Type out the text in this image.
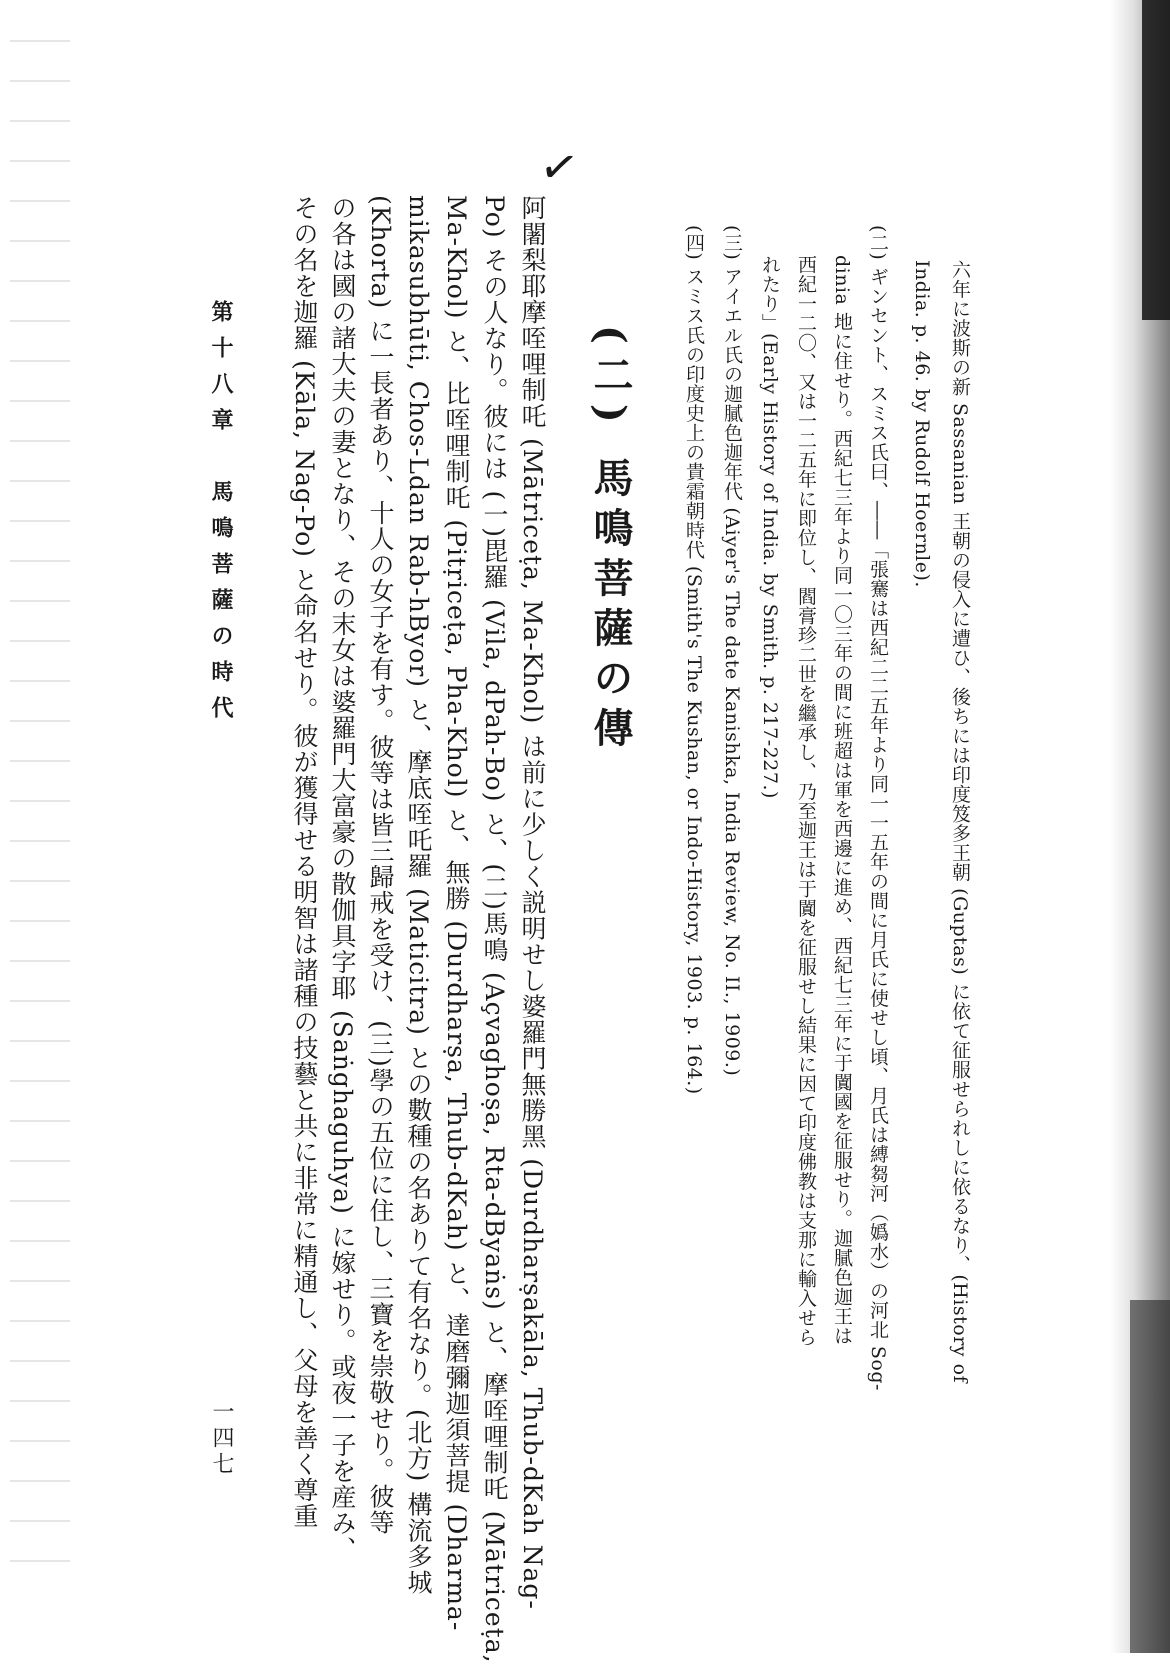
六年に波斯の新 Sassanian 王朝の侵入に遭ひ、後ちには印度笈多王朝 (Guptas) に依て征服せられしに依るなり、(History of
India. p. 46. by Rudolf Hoernle).
(二) ギンセント、スミス氏曰、――「張騫は西紀二二五年より同一一五年の間に月氏に使せし頃、月氏は縛芻河（嬀水）の河北 Sog-
dinia 地に住せり。西紀七三年より同一〇三年の間に班超は軍を西邊に進め、西紀七三年に于闐國を征服せり。迦膩色迦王は
西紀一二〇、又は一二五年に即位し、閻膏珍二世を繼承し、乃至迦王は于闐を征服せし結果に因て印度佛教は支那に輸入せら
れたり」(Early History of India. by Smith. p. 217-227.)
(三) アイエル氏の迦膩色迦年代 (Aiyer's The date Kanishka, India Review, No. II., 1909.)
(四) スミス氏の印度史上の貴霜朝時代 (Smith's The Kushan, or Indo-History, 1903. p. 164.)
(二) 馬鳴菩薩の傳
✓
阿闍梨耶摩咥哩制吒 (Mātriceṭa, Ma-Khol) は前に少しく説明せし婆羅門無勝黑 (Durdharṣakāla, Thub-dKah Nag-
Po) その人なり。彼には (一)毘羅 (Vila, dPah-Bo) と、(二)馬鳴 (Açvaghoṣa, Rta-dByaṅs) と、摩咥哩制吒 (Mātriceṭa,
Ma-Khol) と、比咥哩制吒 (Pitṛiceṭa, Pha-Khol) と、無勝 (Durdharṣa, Thub-dKah) と、達磨彌迦須菩提 (Dharma-
mikasubhūti, Chos-Ldan Rab-hByor) と、摩底咥吒羅 (Maticitra) との數種の名ありて有名なり。(北方) 構流多城
(Khorta) に一長者あり、十人の女子を有す。彼等は皆三歸戒を受け、(三)學の五位に住し、三寶を崇敬せり。彼等
の各は國の諸大夫の妻となり、その末女は婆羅門大富豪の散伽具字耶 (Saṅghaguhya) に嫁せり。或夜一子を産み、
その名を迦羅 (Kāla, Nag-Po) と命名せり。彼が獲得せる明智は諸種の技藝と共に非常に精通し、父母を善く尊重
第十八章　馬鳴菩薩の時代
一四七
